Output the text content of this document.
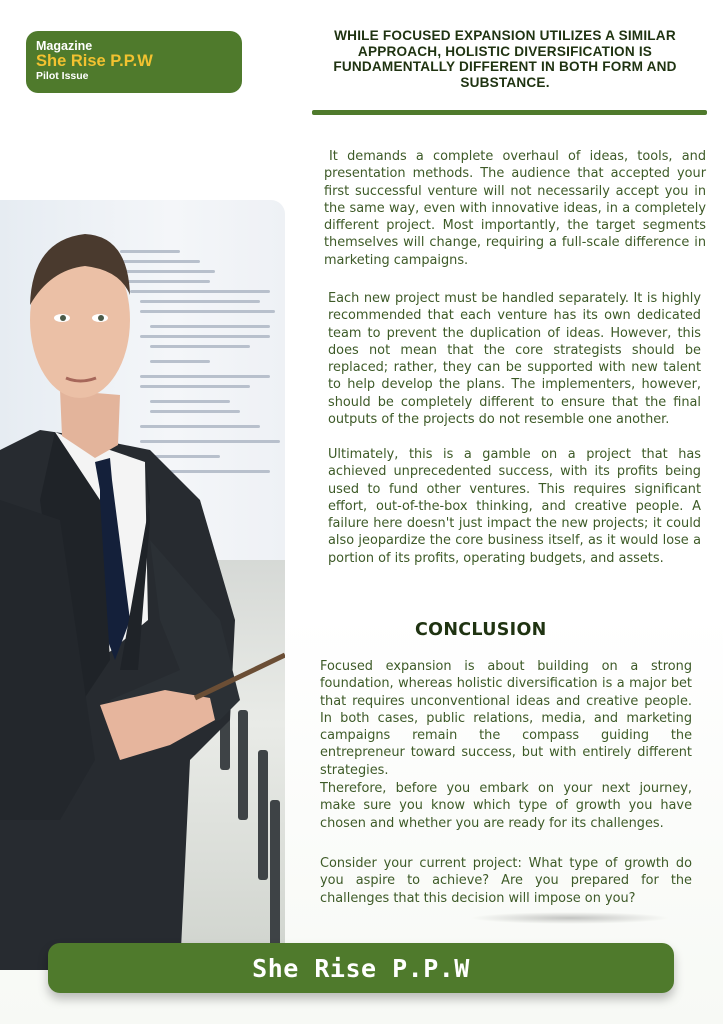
Magazine
She Rise P.P.W
Pilot Issue
WHILE FOCUSED EXPANSION UTILIZES A SIMILAR APPROACH, HOLISTIC DIVERSIFICATION IS FUNDAMENTALLY DIFFERENT IN BOTH FORM AND SUBSTANCE.

It demands a complete overhaul of ideas, tools, and presentation methods. The audience that accepted your first successful venture will not necessarily accept you in the same way, even with innovative ideas, in a completely different project. Most importantly, the target segments themselves will change, requiring a full-scale difference in marketing campaigns.

Each new project must be handled separately. It is highly recommended that each venture has its own dedicated team to prevent the duplication of ideas. However, this does not mean that the core strategists should be replaced; rather, they can be supported with new talent to help develop the plans. The implementers, however, should be completely different to ensure that the final outputs of the projects do not resemble one another.

Ultimately, this is a gamble on a project that has achieved unprecedented success, with its profits being used to fund other ventures. This requires significant effort, out-of-the-box thinking, and creative people. A failure here doesn't just impact the new projects; it could also jeopardize the core business itself, as it would lose a portion of its profits, operating budgets, and assets.

CONCLUSION

Focused expansion is about building on a strong foundation, whereas holistic diversification is a major bet that requires unconventional ideas and creative people. In both cases, public relations, media, and marketing campaigns remain the compass guiding the entrepreneur toward success, but with entirely different strategies.

Therefore, before you embark on your next journey, make sure you know which type of growth you have chosen and whether you are ready for its challenges.

Consider your current project: What type of growth do you aspire to achieve? Are you prepared for the challenges that this decision will impose on you?

She Rise P.P.W
